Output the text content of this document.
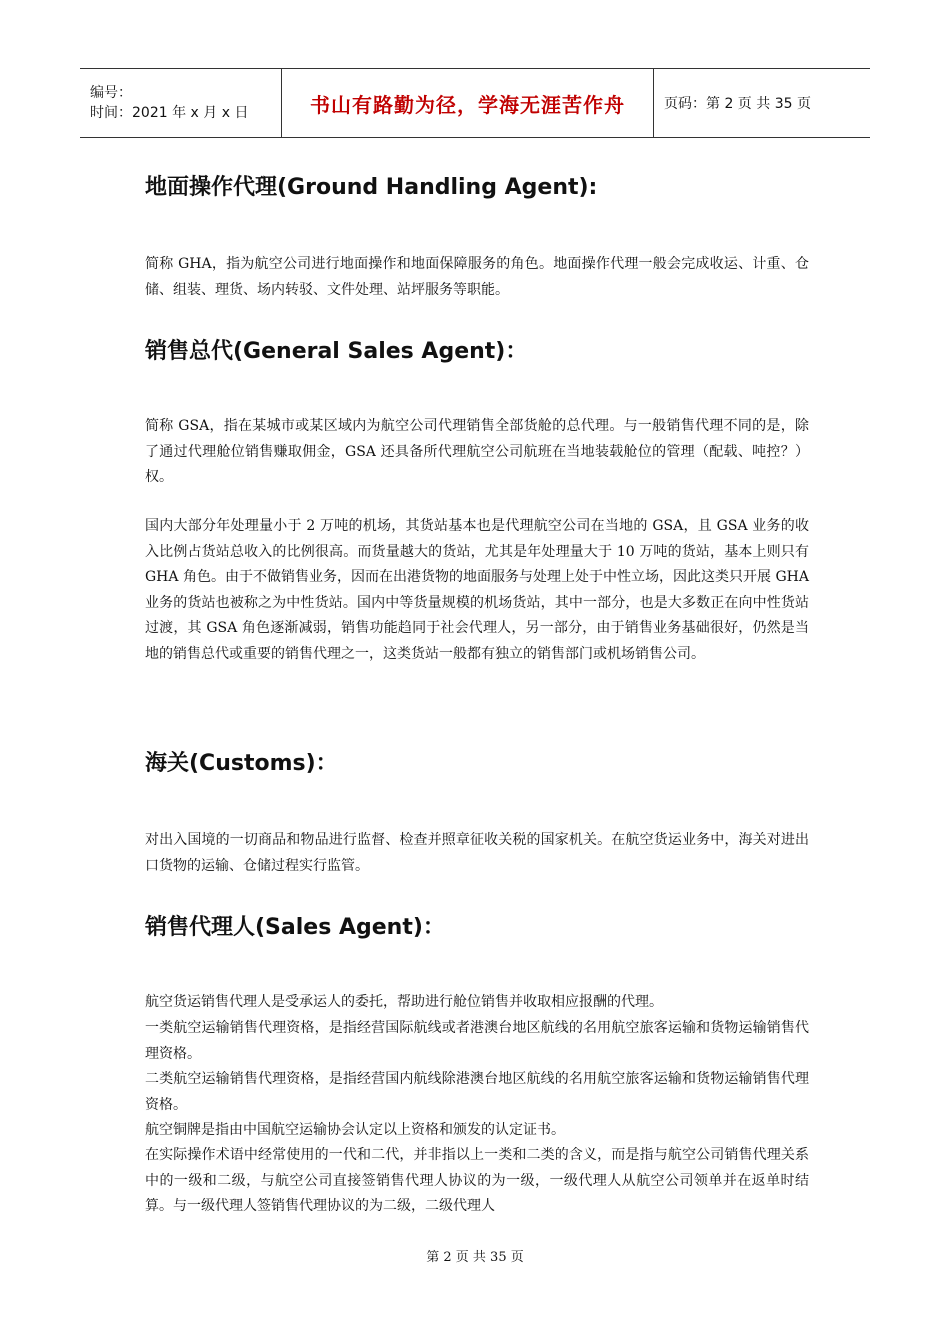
编号：
时间：2021 年 x 月 x 日	书山有路勤为径，学海无涯苦作舟	页码：第 2 页 共 35 页
地面操作代理(Ground Handling Agent):
简称 GHA，指为航空公司进行地面操作和地面保障服务的角色。地面操作代理一般会完成收运、计重、仓储、组装、理货、场内转驳、文件处理、站坪服务等职能。
销售总代(General Sales Agent)：
简称 GSA，指在某城市或某区域内为航空公司代理销售全部货舱的总代理。与一般销售代理不同的是，除了通过代理舱位销售赚取佣金，GSA 还具备所代理航空公司航班在当地装载舱位的管理（配载、吨控？）权。
国内大部分年处理量小于 2 万吨的机场，其货站基本也是代理航空公司在当地的 GSA，且 GSA 业务的收入比例占货站总收入的比例很高。而货量越大的货站，尤其是年处理量大于 10 万吨的货站，基本上则只有 GHA 角色。由于不做销售业务，因而在出港货物的地面服务与处理上处于中性立场，因此这类只开展 GHA 业务的货站也被称之为中性货站。国内中等货量规模的机场货站，其中一部分，也是大多数正在向中性货站过渡，其 GSA 角色逐渐减弱，销售功能趋同于社会代理人，另一部分，由于销售业务基础很好，仍然是当地的销售总代或重要的销售代理之一，这类货站一般都有独立的销售部门或机场销售公司。
海关(Customs)：
对出入国境的一切商品和物品进行监督、检查并照章征收关税的国家机关。在航空货运业务中，海关对进出口货物的运输、仓储过程实行监管。
销售代理人(Sales Agent)：
航空货运销售代理人是受承运人的委托，帮助进行舱位销售并收取相应报酬的代理。
一类航空运输销售代理资格，是指经营国际航线或者港澳台地区航线的名用航空旅客运输和货物运输销售代理资格。
二类航空运输销售代理资格，是指经营国内航线除港澳台地区航线的名用航空旅客运输和货物运输销售代理资格。
航空铜牌是指由中国航空运输协会认定以上资格和颁发的认定证书。
在实际操作术语中经常使用的一代和二代，并非指以上一类和二类的含义，而是指与航空公司销售代理关系中的一级和二级，与航空公司直接签销售代理人协议的为一级，一级代理人从航空公司领单并在返单时结算。与一级代理人签销售代理协议的为二级，二级代理人
第 2 页 共 35 页
